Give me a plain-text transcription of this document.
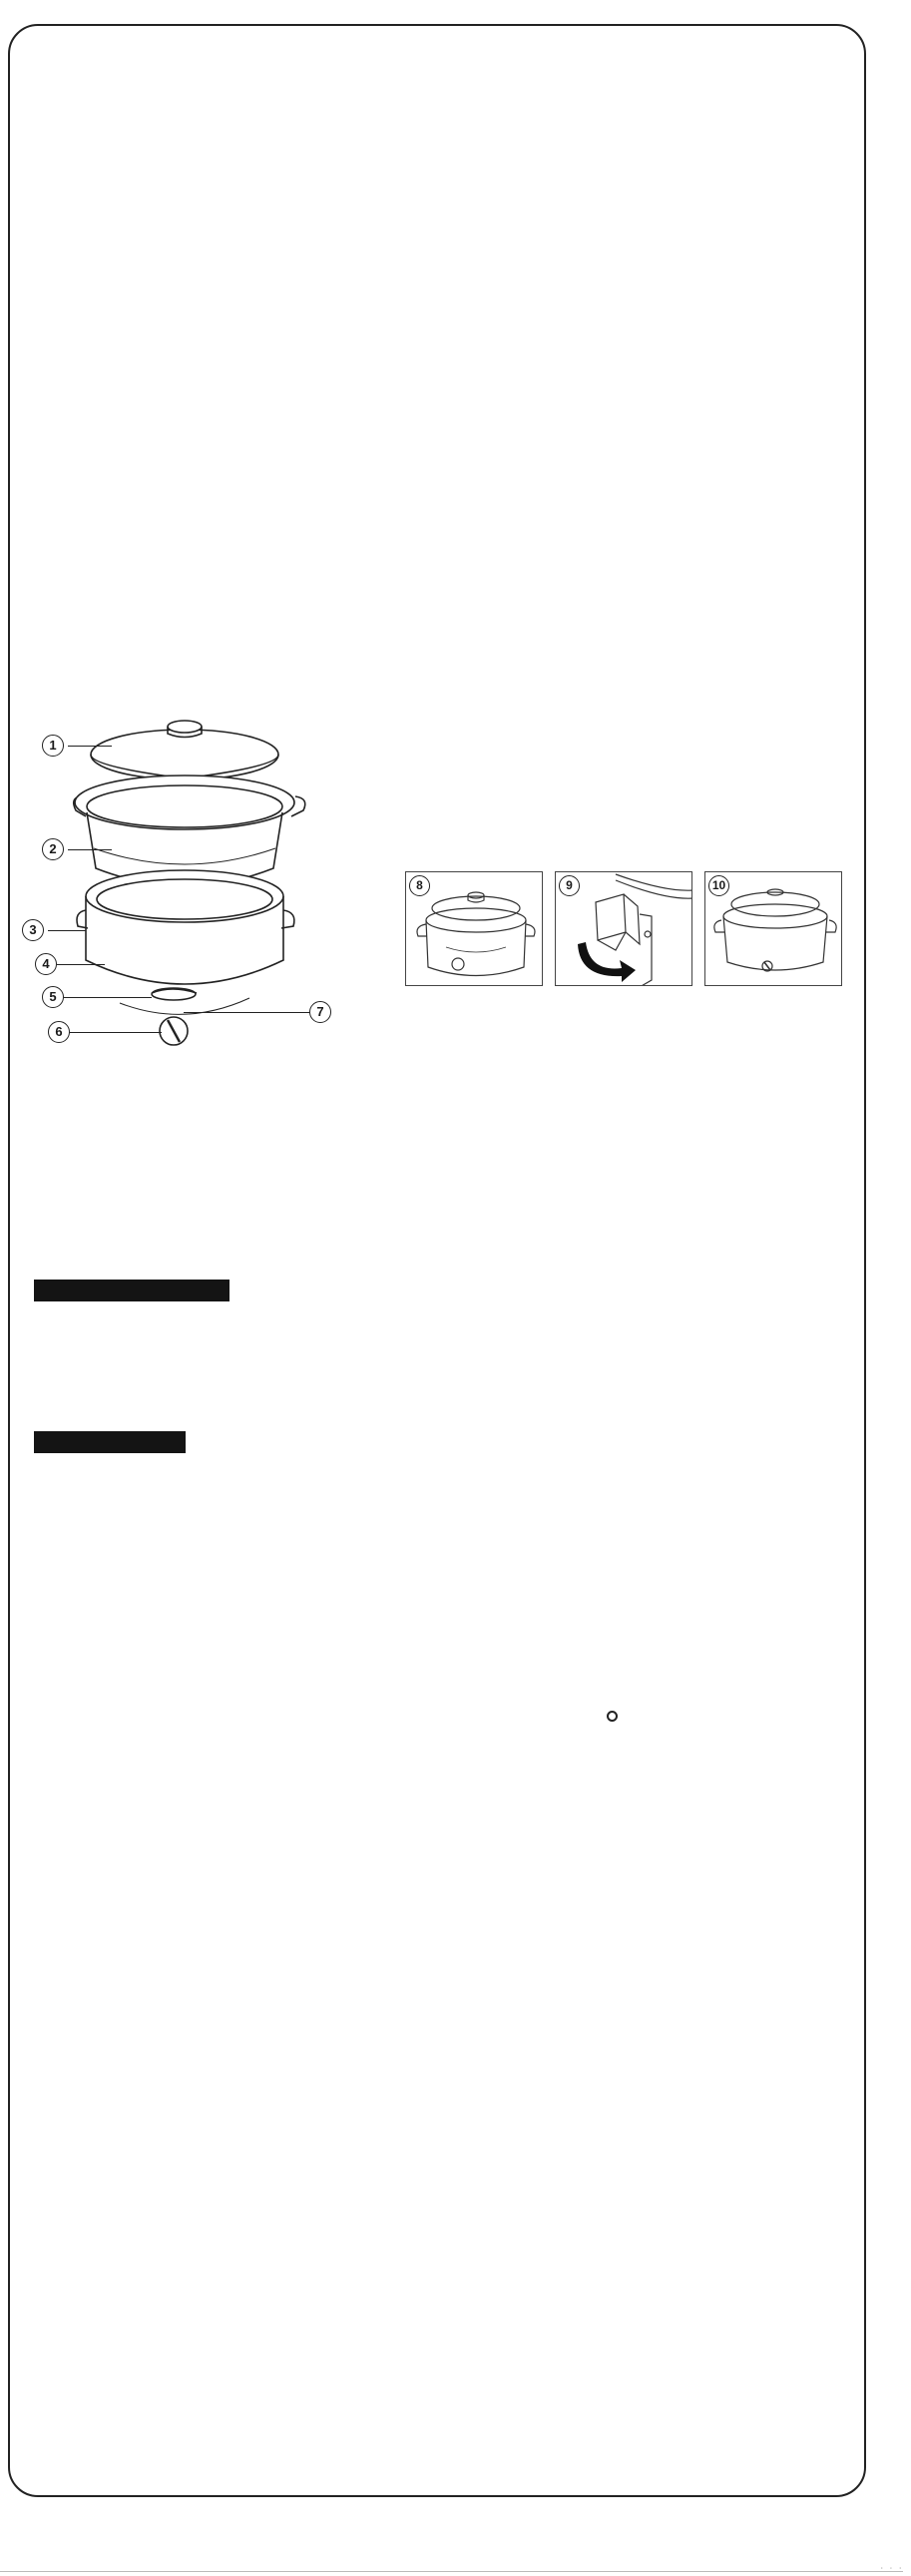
1
2
3
4
5
6
7
8	9	10
· · ·
